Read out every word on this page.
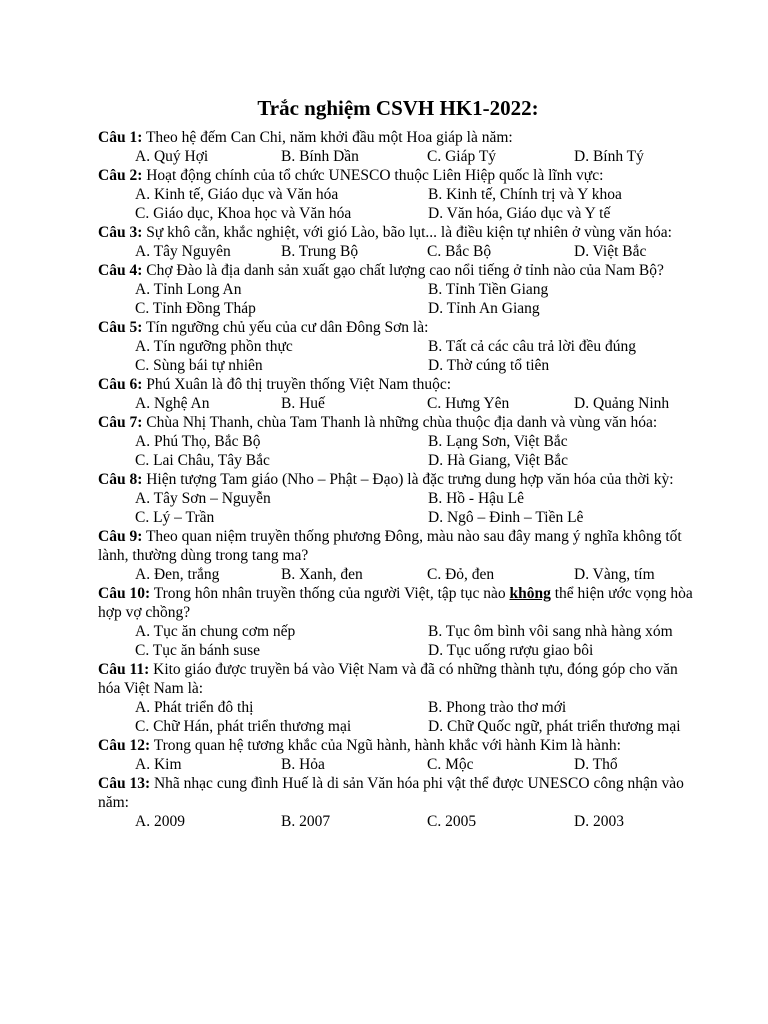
Trắc nghiệm CSVH HK1-2022:

Câu 1: Theo hệ đếm Can Chi, năm khởi đầu một Hoa giáp là năm:

A. Quý Hợi	B. Bính Dần	C. Giáp Tý	D. Bính Tý

Câu 2: Hoạt động chính của tổ chức UNESCO thuộc Liên Hiệp quốc là lĩnh vực:

A. Kinh tế, Giáo dục và Văn hóa	B. Kinh tế, Chính trị và Y khoa
C. Giáo dục, Khoa học và Văn hóa	D. Văn hóa, Giáo dục và Y tế

Câu 3: Sự khô cằn, khắc nghiệt, với gió Lào, bão lụt... là điều kiện tự nhiên ở vùng văn hóa:

A. Tây Nguyên	B. Trung Bộ	C. Bắc Bộ	D. Việt Bắc

Câu 4: Chợ Đào là địa danh sản xuất gạo chất lượng cao nổi tiếng ở tỉnh nào của Nam Bộ?

A. Tỉnh Long An	B. Tỉnh Tiền Giang
C. Tỉnh Đồng Tháp	D. Tỉnh An Giang

Câu 5: Tín ngưỡng chủ yếu của cư dân Đông Sơn là:

A. Tín ngưỡng phồn thực	B. Tất cả các câu trả lời đều đúng
C. Sùng bái tự nhiên	D. Thờ cúng tổ tiên

Câu 6: Phú Xuân là đô thị truyền thống Việt Nam thuộc:

A. Nghệ An	B. Huế	C. Hưng Yên	D. Quảng Ninh

Câu 7: Chùa Nhị Thanh, chùa Tam Thanh là những chùa thuộc địa danh và vùng văn hóa:

A. Phú Thọ, Bắc Bộ	B. Lạng Sơn, Việt Bắc
C. Lai Châu, Tây Bắc	D. Hà Giang, Việt Bắc

Câu 8: Hiện tượng Tam giáo (Nho – Phật – Đạo) là đặc trưng dung hợp văn hóa của thời kỳ:

A. Tây Sơn – Nguyễn	B. Hồ - Hậu Lê
C. Lý – Trần	D. Ngô – Đinh – Tiền Lê

Câu 9: Theo quan niệm truyền thống phương Đông, màu nào sau đây mang ý nghĩa không tốt lành, thường dùng trong tang ma?

A. Đen, trắng	B. Xanh, đen	C. Đỏ, đen	D. Vàng, tím

Câu 10: Trong hôn nhân truyền thống của người Việt, tập tục nào không thể hiện ước vọng hòa hợp vợ chồng?

A. Tục ăn chung cơm nếp	B. Tục ôm bình vôi sang nhà hàng xóm
C. Tục ăn bánh suse	D. Tục uống rượu giao bôi

Câu 11: Kito giáo được truyền bá vào Việt Nam và đã có những thành tựu, đóng góp cho văn hóa Việt Nam là:

A. Phát triển đô thị	B. Phong trào thơ mới
C. Chữ Hán, phát triển thương mại	D. Chữ Quốc ngữ, phát triển thương mại

Câu 12: Trong quan hệ tương khắc của Ngũ hành, hành khắc với hành Kim là hành:

A. Kim	B. Hỏa	C. Mộc	D. Thổ

Câu 13: Nhã nhạc cung đình Huế là di sản Văn hóa phi vật thể được UNESCO công nhận vào năm:

A. 2009	B. 2007	C. 2005	D. 2003
